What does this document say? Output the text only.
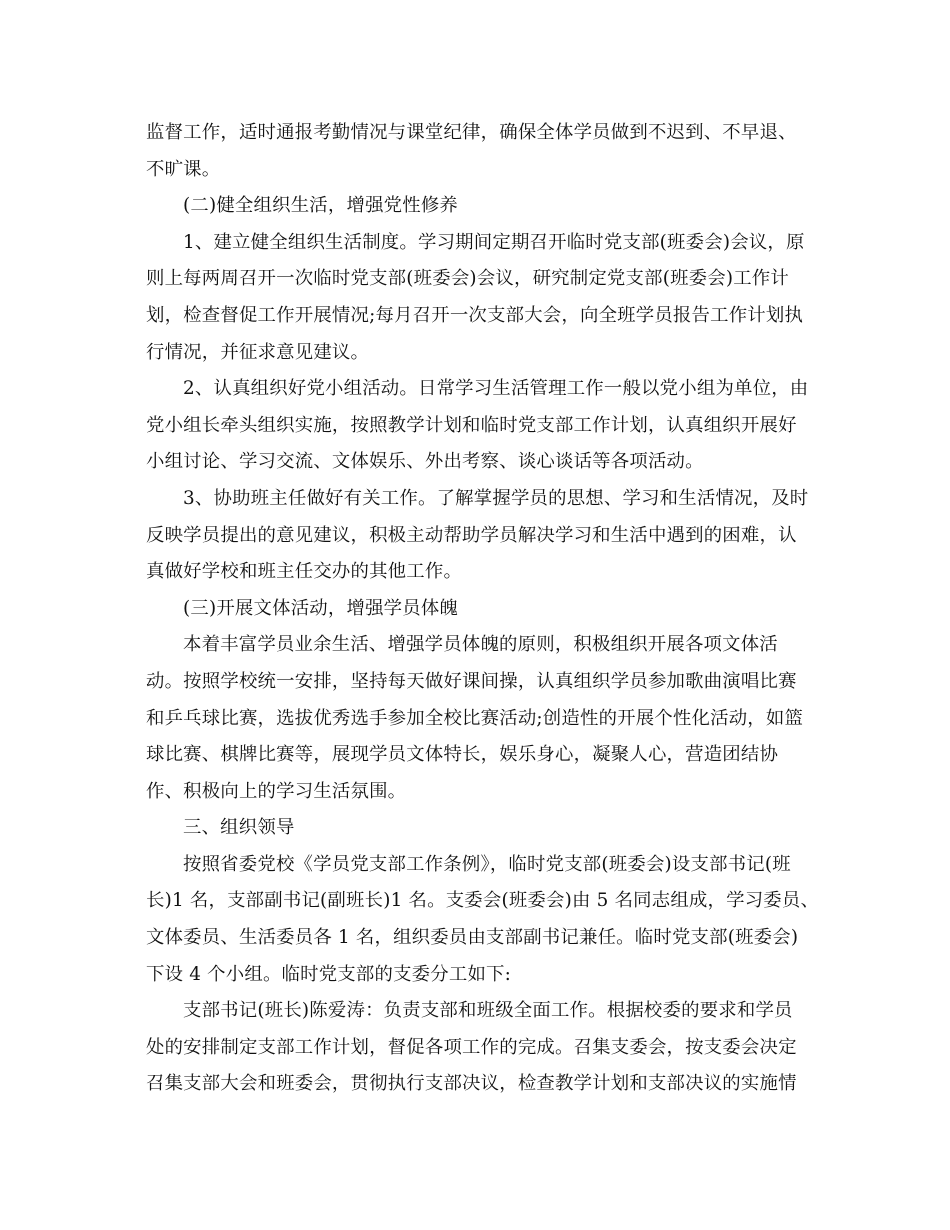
监督工作，适时通报考勤情况与课堂纪律，确保全体学员做到不迟到、不早退、
不旷课。
(二)健全组织生活，增强党性修养
1、建立健全组织生活制度。学习期间定期召开临时党支部(班委会)会议，原
则上每两周召开一次临时党支部(班委会)会议，研究制定党支部(班委会)工作计
划，检查督促工作开展情况;每月召开一次支部大会，向全班学员报告工作计划执
行情况，并征求意见建议。
2、认真组织好党小组活动。日常学习生活管理工作一般以党小组为单位，由
党小组长牵头组织实施，按照教学计划和临时党支部工作计划，认真组织开展好
小组讨论、学习交流、文体娱乐、外出考察、谈心谈话等各项活动。
3、协助班主任做好有关工作。了解掌握学员的思想、学习和生活情况，及时
反映学员提出的意见建议，积极主动帮助学员解决学习和生活中遇到的困难，认
真做好学校和班主任交办的其他工作。
(三)开展文体活动，增强学员体魄
本着丰富学员业余生活、增强学员体魄的原则，积极组织开展各项文体活
动。按照学校统一安排，坚持每天做好课间操，认真组织学员参加歌曲演唱比赛
和乒乓球比赛，选拔优秀选手参加全校比赛活动;创造性的开展个性化活动，如篮
球比赛、棋牌比赛等，展现学员文体特长，娱乐身心，凝聚人心，营造团结协
作、积极向上的学习生活氛围。
三、组织领导
按照省委党校《学员党支部工作条例》，临时党支部(班委会)设支部书记(班
长)1 名，支部副书记(副班长)1 名。支委会(班委会)由 5 名同志组成，学习委员、
文体委员、生活委员各 1 名，组织委员由支部副书记兼任。临时党支部(班委会)
下设 4 个小组。临时党支部的支委分工如下:
支部书记(班长)陈爱涛：负责支部和班级全面工作。根据校委的要求和学员
处的安排制定支部工作计划，督促各项工作的完成。召集支委会，按支委会决定
召集支部大会和班委会，贯彻执行支部决议，检查教学计划和支部决议的实施情
